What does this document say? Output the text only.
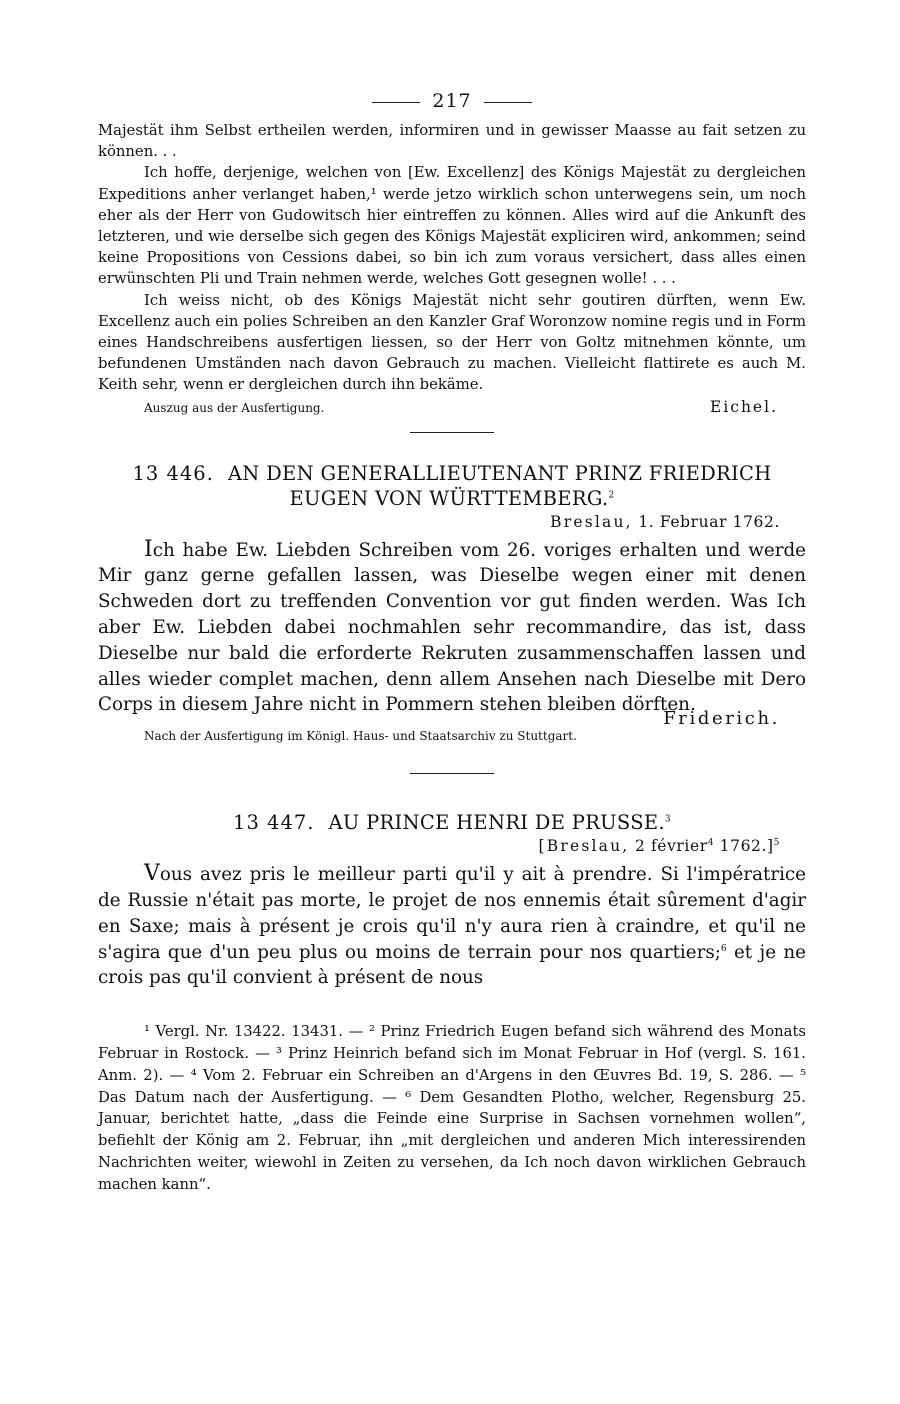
217

Majestät ihm Selbst ertheilen werden, informiren und in gewisser Maasse au fait setzen zu können. . .

Ich hoffe, derjenige, welchen von [Ew. Excellenz] des Königs Majestät zu dergleichen Expeditions anher verlanget haben,¹ werde jetzo wirklich schon unterwegens sein, um noch eher als der Herr von Gudowitsch hier eintreffen zu können. Alles wird auf die Ankunft des letzteren, und wie derselbe sich gegen des Königs Majestät expliciren wird, ankommen; seind keine Propositions von Cessions dabei, so bin ich zum voraus versichert, dass alles einen erwünschten Pli und Train nehmen werde, welches Gott gesegnen wolle! . . .

Ich weiss nicht, ob des Königs Majestät nicht sehr goutiren dürften, wenn Ew. Excellenz auch ein polies Schreiben an den Kanzler Graf Woronzow nomine regis und in Form eines Handschreibens ausfertigen liessen, so der Herr von Goltz mitnehmen könnte, um befundenen Umständen nach davon Gebrauch zu machen. Vielleicht flattirete es auch M. Keith sehr, wenn er dergleichen durch ihn bekäme.

Auszug aus der Ausfertigung.	Eichel.
13 446. AN DEN GENERALLIEUTENANT PRINZ FRIEDRICH
EUGEN VON WÜRTTEMBERG.$^2$
Breslau, 1. Februar 1762.

Ich habe Ew. Liebden Schreiben vom 26. voriges erhalten und werde Mir ganz gerne gefallen lassen, was Dieselbe wegen einer mit denen Schweden dort zu treffenden Convention vor gut finden werden. Was Ich aber Ew. Liebden dabei nochmahlen sehr recommandire, das ist, dass Dieselbe nur bald die erforderte Rekruten zusammenschaffen lassen und alles wieder complet machen, denn allem Ansehen nach Dieselbe mit Dero Corps in diesem Jahre nicht in Pommern stehen bleiben dörften.

Friderich.
Nach der Ausfertigung im Königl. Haus- und Staatsarchiv zu Stuttgart.
13 447. AU PRINCE HENRI DE PRUSSE.$^3$
[Breslau, 2 février$^4$ 1762.]$^5$

Vous avez pris le meilleur parti qu'il y ait à prendre. Si l'impératrice de Russie n'était pas morte, le projet de nos ennemis était sûrement d'agir en Saxe; mais à présent je crois qu'il n'y aura rien à craindre, et qu'il ne s'agira que d'un peu plus ou moins de terrain pour nos quartiers;$^6$ et je ne crois pas qu'il convient à présent de nous

¹ Vergl. Nr. 13422. 13431. — ² Prinz Friedrich Eugen befand sich während des Monats Februar in Rostock. — ³ Prinz Heinrich befand sich im Monat Februar in Hof (vergl. S. 161. Anm. 2). — ⁴ Vom 2. Februar ein Schreiben an d'Argens in den Œuvres Bd. 19, S. 286. — ⁵ Das Datum nach der Ausfertigung. — ⁶ Dem Gesandten Plotho, welcher, Regensburg 25. Januar, berichtet hatte, „dass die Feinde eine Surprise in Sachsen vornehmen wollen“, befiehlt der König am 2. Februar, ihn „mit dergleichen und anderen Mich interessirenden Nachrichten weiter, wiewohl in Zeiten zu versehen, da Ich noch davon wirklichen Gebrauch machen kann“.
